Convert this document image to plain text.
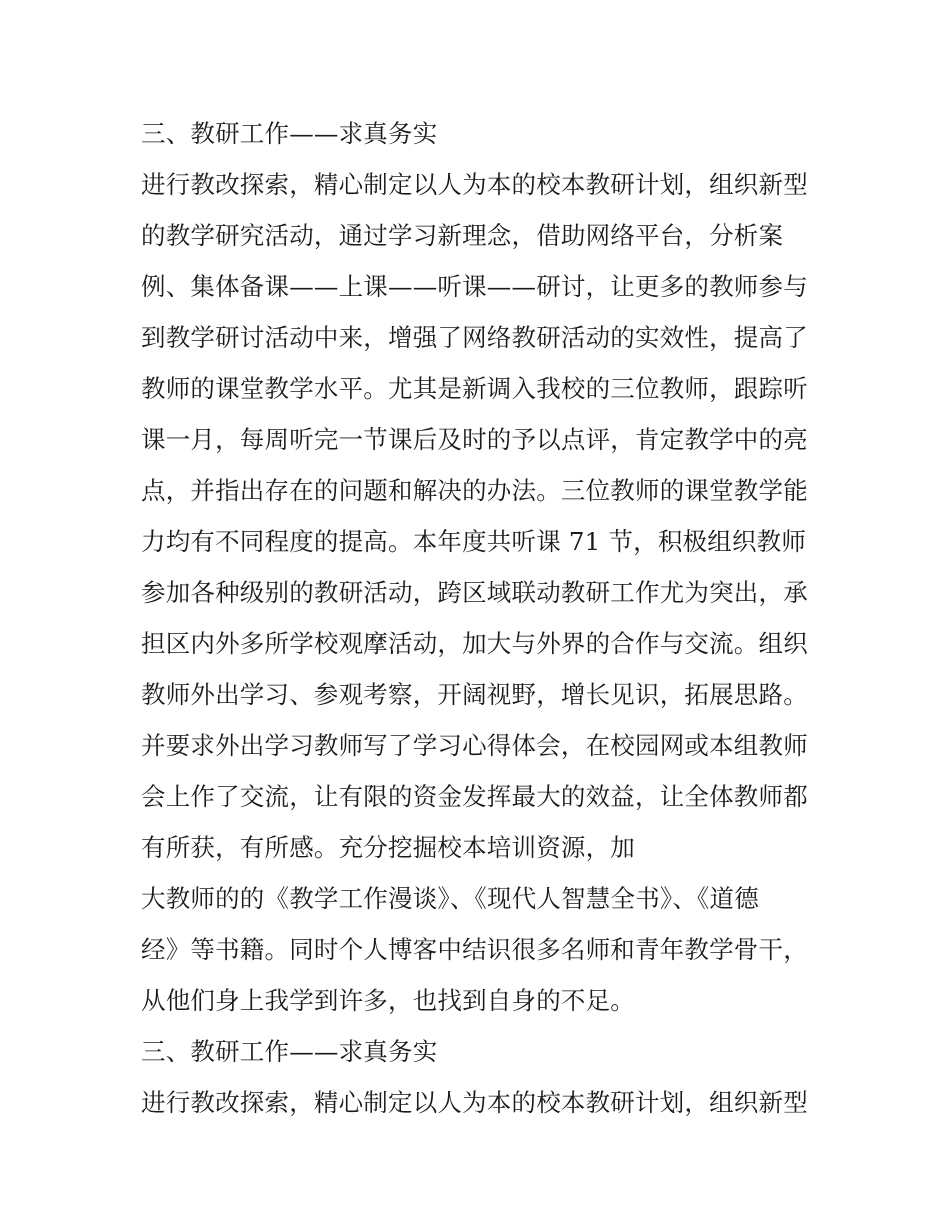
三、教研工作——求真务实
进行教改探索，精心制定以人为本的校本教研计划，组织新型
的教学研究活动，通过学习新理念，借助网络平台，分析案
例、集体备课——上课——听课——研讨，让更多的教师参与
到教学研讨活动中来，增强了网络教研活动的实效性，提高了
教师的课堂教学水平。尤其是新调入我校的三位教师，跟踪听
课一月，每周听完一节课后及时的予以点评，肯定教学中的亮
点，并指出存在的问题和解决的办法。三位教师的课堂教学能
力均有不同程度的提高。本年度共听课 71 节，积极组织教师
参加各种级别的教研活动，跨区域联动教研工作尤为突出，承
担区内外多所学校观摩活动，加大与外界的合作与交流。组织
教师外出学习、参观考察，开阔视野，增长见识，拓展思路。
并要求外出学习教师写了学习心得体会，在校园网或本组教师
会上作了交流，让有限的资金发挥最大的效益，让全体教师都
有所获，有所感。充分挖掘校本培训资源，加
大教师的的《教学工作漫谈》、《现代人智慧全书》、《道德
经》等书籍。同时个人博客中结识很多名师和青年教学骨干，
从他们身上我学到许多，也找到自身的不足。
三、教研工作——求真务实
进行教改探索，精心制定以人为本的校本教研计划，组织新型
